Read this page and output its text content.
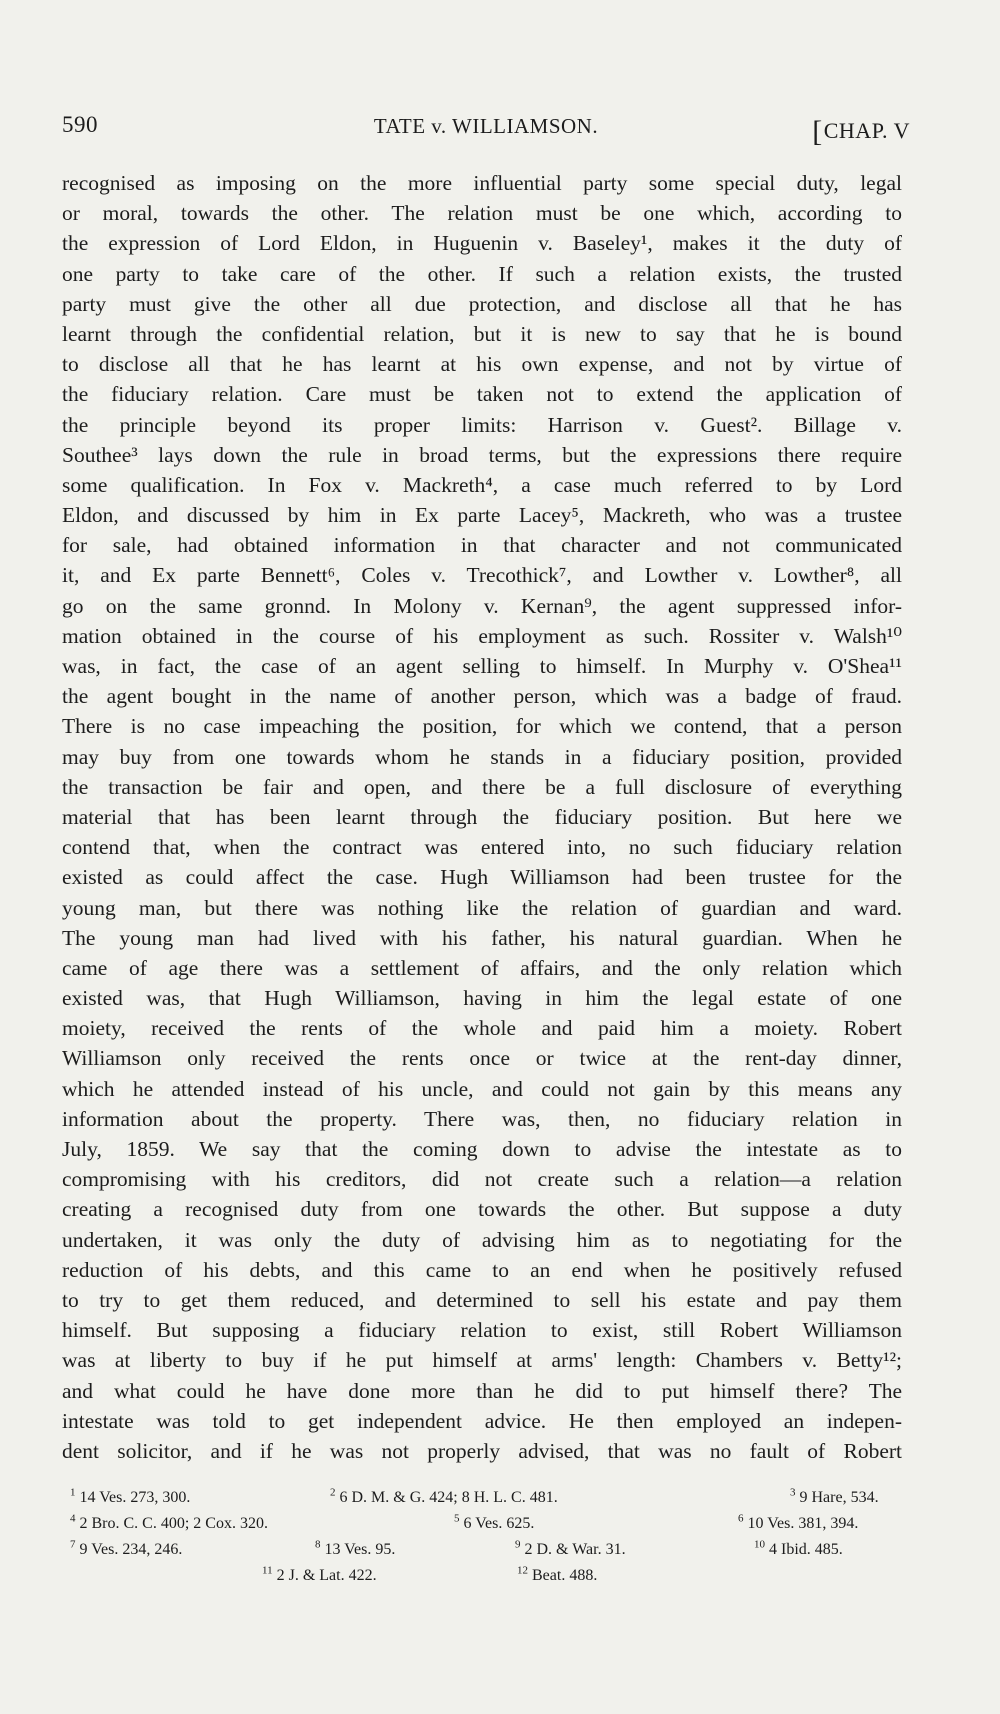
590	TATE v. WILLIAMSON.	[CHAP. V
recognised as imposing on the more influential party some special duty, legal
or moral, towards the other. The relation must be one which, according to
the expression of Lord Eldon, in Huguenin v. Baseley¹, makes it the duty of
one party to take care of the other. If such a relation exists, the trusted
party must give the other all due protection, and disclose all that he has
learnt through the confidential relation, but it is new to say that he is bound
to disclose all that he has learnt at his own expense, and not by virtue of
the fiduciary relation. Care must be taken not to extend the application of
the principle beyond its proper limits: Harrison v. Guest². Billage v.
Southee³ lays down the rule in broad terms, but the expressions there require
some qualification. In Fox v. Mackreth⁴, a case much referred to by Lord
Eldon, and discussed by him in Ex parte Lacey⁵, Mackreth, who was a trustee
for sale, had obtained information in that character and not communicated
it, and Ex parte Bennett⁶, Coles v. Trecothick⁷, and Lowther v. Lowther⁸, all
go on the same gronnd. In Molony v. Kernan⁹, the agent suppressed infor-
mation obtained in the course of his employment as such. Rossiter v. Walsh¹⁰
was, in fact, the case of an agent selling to himself. In Murphy v. O'Shea¹¹
the agent bought in the name of another person, which was a badge of fraud.
There is no case impeaching the position, for which we contend, that a person
may buy from one towards whom he stands in a fiduciary position, provided
the transaction be fair and open, and there be a full disclosure of everything
material that has been learnt through the fiduciary position. But here we
contend that, when the contract was entered into, no such fiduciary relation
existed as could affect the case. Hugh Williamson had been trustee for the
young man, but there was nothing like the relation of guardian and ward.
The young man had lived with his father, his natural guardian. When he
came of age there was a settlement of affairs, and the only relation which
existed was, that Hugh Williamson, having in him the legal estate of one
moiety, received the rents of the whole and paid him a moiety. Robert
Williamson only received the rents once or twice at the rent-day dinner,
which he attended instead of his uncle, and could not gain by this means any
information about the property. There was, then, no fiduciary relation in
July, 1859. We say that the coming down to advise the intestate as to
compromising with his creditors, did not create such a relation—a relation
creating a recognised duty from one towards the other. But suppose a duty
undertaken, it was only the duty of advising him as to negotiating for the
reduction of his debts, and this came to an end when he positively refused
to try to get them reduced, and determined to sell his estate and pay them
himself. But supposing a fiduciary relation to exist, still Robert Williamson
was at liberty to buy if he put himself at arms' length: Chambers v. Betty¹²;
and what could he have done more than he did to put himself there? The
intestate was told to get independent advice. He then employed an indepen-
dent solicitor, and if he was not properly advised, that was no fault of Robert
$^1$ 14 Ves. 273, 300.	$^2$ 6 D. M. & G. 424; 8 H. L. C. 481.	$^3$ 9 Hare, 534.
$^4$ 2 Bro. C. C. 400; 2 Cox. 320.	$^5$ 6 Ves. 625.	$^6$ 10 Ves. 381, 394.
$^7$ 9 Ves. 234, 246.	$^8$ 13 Ves. 95.	$^9$ 2 D. & War. 31.	$^{10}$ 4 Ibid. 485.
$^{11}$ 2 J. & Lat. 422.	$^{12}$ Beat. 488.
